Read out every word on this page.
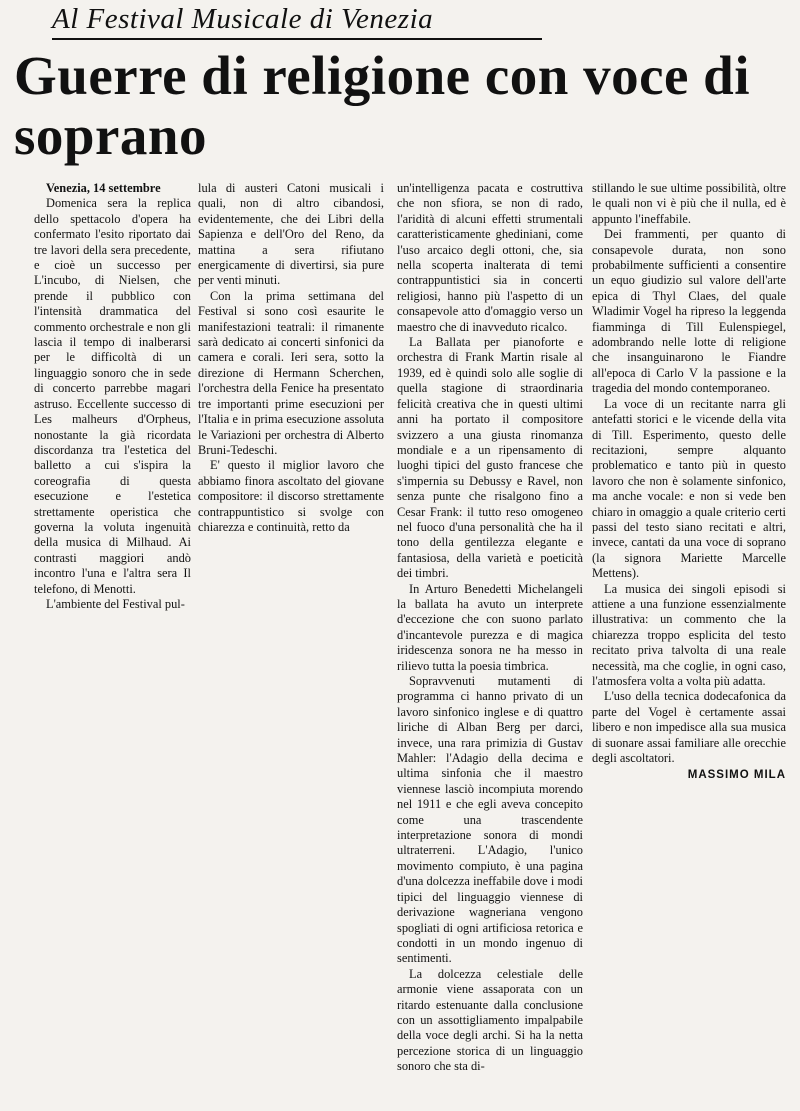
Al Festival Musicale di Venezia
Guerre di religione con voce di soprano

Venezia, 14 settembre

Domenica sera la replica dello spettacolo d'opera ha confermato l'esito riportato dai tre lavori della sera precedente, e cioè un successo per L'incubo, di Nielsen, che prende il pubblico con l'intensità drammatica del commento orchestrale e non gli lascia il tempo di inalberarsi per le difficoltà di un linguaggio sonoro che in sede di concerto parrebbe magari astruso. Eccellente successo di Les malheurs d'Orpheus, nonostante la già ricordata discordanza tra l'estetica del balletto a cui s'ispira la coreografia di questa esecuzione e l'estetica strettamente operistica che governa la voluta ingenuità della musica di Milhaud. Ai contrasti maggiori andò incontro l'una e l'altra sera Il telefono, di Menotti.

L'ambiente del Festival pul-

lula di austeri Catoni musicali i quali, non di altro cibandosi, evidentemente, che dei Libri della Sapienza e dell'Oro del Reno, da mattina a sera rifiutano energicamente di divertirsi, sia pure per venti minuti.

Con la prima settimana del Festival si sono così esaurite le manifestazioni teatrali: il rimanente sarà dedicato ai concerti sinfonici da camera e corali. Ieri sera, sotto la direzione di Hermann Scherchen, l'orchestra della Fenice ha presentato tre importanti prime esecuzioni per l'Italia e in prima esecuzione assoluta le Variazioni per orchestra di Alberto Bruni-Tedeschi.

E' questo il miglior lavoro che abbiamo finora ascoltato del giovane compositore: il discorso strettamente contrappuntistico si svolge con chiarezza e continuità, retto da

un'intelligenza pacata e costruttiva che non sfiora, se non di rado, l'aridità di alcuni effetti strumentali caratteristicamente ghediniani, come l'uso arcaico degli ottoni, che, sia nella scoperta inalterata di temi contrappuntistici sia in concerti religiosi, hanno più l'aspetto di un consapevole atto d'omaggio verso un maestro che di inavveduto ricalco.

La Ballata per pianoforte e orchestra di Frank Martin risale al 1939, ed è quindi solo alle soglie di quella stagione di straordinaria felicità creativa che in questi ultimi anni ha portato il compositore svizzero a una giusta rinomanza mondiale e a un ripensamento di luoghi tipici del gusto francese che s'impernia su Debussy e Ravel, non senza punte che risalgono fino a Cesar Frank: il tutto reso omogeneo nel fuoco d'una personalità che ha il tono della gentilezza elegante e fantasiosa, della varietà e poeticità dei timbri.

In Arturo Benedetti Michelangeli la ballata ha avuto un interprete d'eccezione che con suono parlato d'incantevole purezza e di magica iridescenza sonora ne ha messo in rilievo tutta la poesia timbrica.

Sopravvenuti mutamenti di programma ci hanno privato di un lavoro sinfonico inglese e di quattro liriche di Alban Berg per darci, invece, una rara primizia di Gustav Mahler: l'Adagio della decima e ultima sinfonia che il maestro viennese lasciò incompiuta morendo nel 1911 e che egli aveva concepito come una trascendente interpretazione sonora di mondi ultraterreni. L'Adagio, l'unico movimento compiuto, è una pagina d'una dolcezza ineffabile dove i modi tipici del linguaggio viennese di derivazione wagneriana vengono spogliati di ogni artificiosa retorica e condotti in un mondo ingenuo di sentimenti.

La dolcezza celestiale delle armonie viene assaporata con un ritardo estenuante dalla conclusione con un assottigliamento impalpabile della voce degli archi. Si ha la netta percezione storica di un linguaggio sonoro che sta di-

stillando le sue ultime possibilità, oltre le quali non vi è più che il nulla, ed è appunto l'ineffabile.

Dei frammenti, per quanto di consapevole durata, non sono probabilmente sufficienti a consentire un equo giudizio sul valore dell'arte epica di Thyl Claes, del quale Wladimir Vogel ha ripreso la leggenda fiamminga di Till Eulenspiegel, adombrando nelle lotte di religione che insanguinarono le Fiandre all'epoca di Carlo V la passione e la tragedia del mondo contemporaneo.

La voce di un recitante narra gli antefatti storici e le vicende della vita di Till. Esperimento, questo delle recitazioni, sempre alquanto problematico e tanto più in questo lavoro che non è solamente sinfonico, ma anche vocale: e non si vede ben chiaro in omaggio a quale criterio certi passi del testo siano recitati e altri, invece, cantati da una voce di soprano (la signora Mariette Marcelle Mettens).

La musica dei singoli episodi si attiene a una funzione essenzialmente illustrativa: un commento che la chiarezza troppo esplicita del testo recitato priva talvolta di una reale necessità, ma che coglie, in ogni caso, l'atmosfera volta a volta più adatta.

L'uso della tecnica dodecafonica da parte del Vogel è certamente assai libero e non impedisce alla sua musica di suonare assai familiare alle orecchie degli ascoltatori.

MASSIMO MILA
